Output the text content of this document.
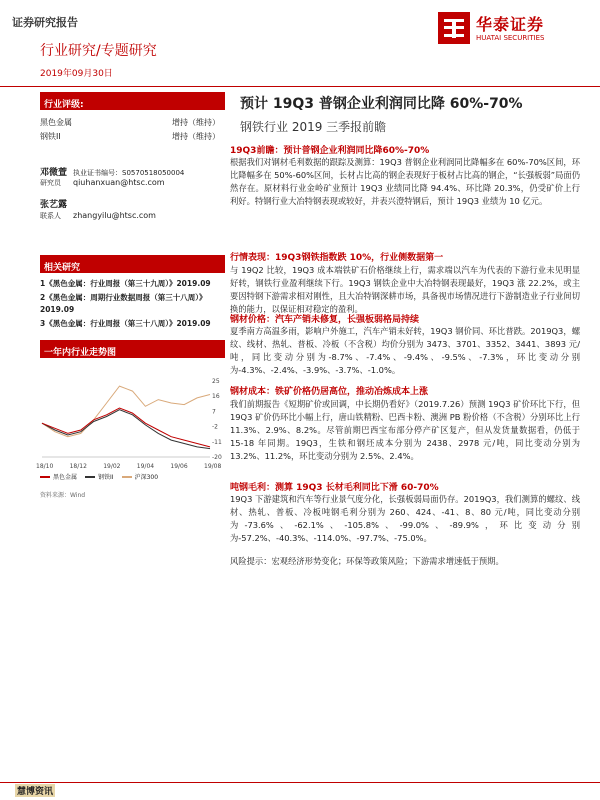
证券研究报告
行业研究/专题研究
2019年09月30日
华泰证券
HUATAI SECURITIES
行业评级:
黑色金属	增持（维持）
钢铁II	增持（维持）
邓微萱 执业证书编号：S0570518050004
研究员 qiuhanxuan@htsc.com
张艺露
联系人 zhangyilu@htsc.com
相关研究
1《黑色金属：行业周报（第三十九周）》2019.09
2《黑色金属：周期行业数据周报（第三十八周）》2019.09
3《黑色金属：行业周报（第三十八周）》2019.09
一年内行业走势图
25
16
7
-2
-11
-20
18/10	18/12	19/02	19/04	19/06	19/08
黑色金属	钢铁II	沪深300
资料来源：Wind
预计 19Q3 普钢企业利润同比降 60%-70%
钢铁行业 2019 三季报前瞻
19Q3前瞻：预计普钢企业利润同比降60%-70%
根据我们对钢材毛利数据的跟踪及测算：19Q3 普钢企业利润同比降幅多在 60%-70%区间，环比降幅多在 50%-60%区间，长材占比高的钢企表现好于板材占比高的钢企，“长强板弱”局面仍然存在。原材料行业金岭矿业预计 19Q3 业绩同比降 94.4%、环比降 20.3%，仍受矿价上行利好。特钢行业大冶特钢表现或较好，并表兴澄特钢后，预计 19Q3 业绩为 10 亿元。
行情表现：19Q3钢铁指数跌 10%，行业侧数据第一
与 19Q2 比较，19Q3 成本端铁矿石价格继续上行，需求端以汽车为代表的下游行业未见明显好转，钢铁行业盈利继续下行。19Q3 钢铁企业中大冶特钢表现最好，19Q3 涨 22.2%，或主要因特钢下游需求相对刚性，且大冶特钢深耕市场，具备视市场情况进行下游制造业子行业间切换的能力，以保证相对稳定的盈利。
钢材价格：汽车产销未修复，长强板弱格局持续
夏季南方高温多雨，影响户外施工，汽车产销未好转，19Q3 钢价同、环比普跌。2019Q3，螺纹、线材、热轧、普板、冷板（不含税）均价分别为 3473、3701、3352、3441、3893 元/吨，同比变动分别为-8.7%、-7.4%、-9.4%、-9.5%、-7.3%，环比变动分别为-4.3%、-2.4%、-3.9%、-3.7%、-1.0%。
钢材成本：铁矿价格仍居高位，推动冶炼成本上涨
我们前期报告《短期矿价或回调，中长期仍看好》（2019.7.26）预测 19Q3 矿价环比下行，但 19Q3 矿价仍环比小幅上行，唐山铁精粉、巴西卡粉、澳洲 PB 粉价格（不含税）分别环比上行 11.3%、2.9%、8.2%。尽管前期巴西宝布部分停产矿区复产，但从发货量数据看，仍低于 15-18 年同期。19Q3，生铁和钢坯成本分别为 2438、2978 元/吨，同比变动分别为 13.2%、11.2%，环比变动分别为 2.5%、2.4%。
吨钢毛利：测算 19Q3 长材毛利同比下滑 60-70%
19Q3 下游建筑和汽车等行业景气度分化，长强板弱局面仍存。2019Q3，我们测算的螺纹、线材、热轧、普板、冷板吨钢毛利分别为 260、424、-41、8、80 元/吨，同比变动分别为-73.6%、-62.1%、-105.8%、-99.0%、-89.9%，环比变动分别为-57.2%、-40.3%、-114.0%、-97.7%、-75.0%。
风险提示：宏观经济形势变化；环保等政策风险；下游需求增速低于预期。
慧博资讯
